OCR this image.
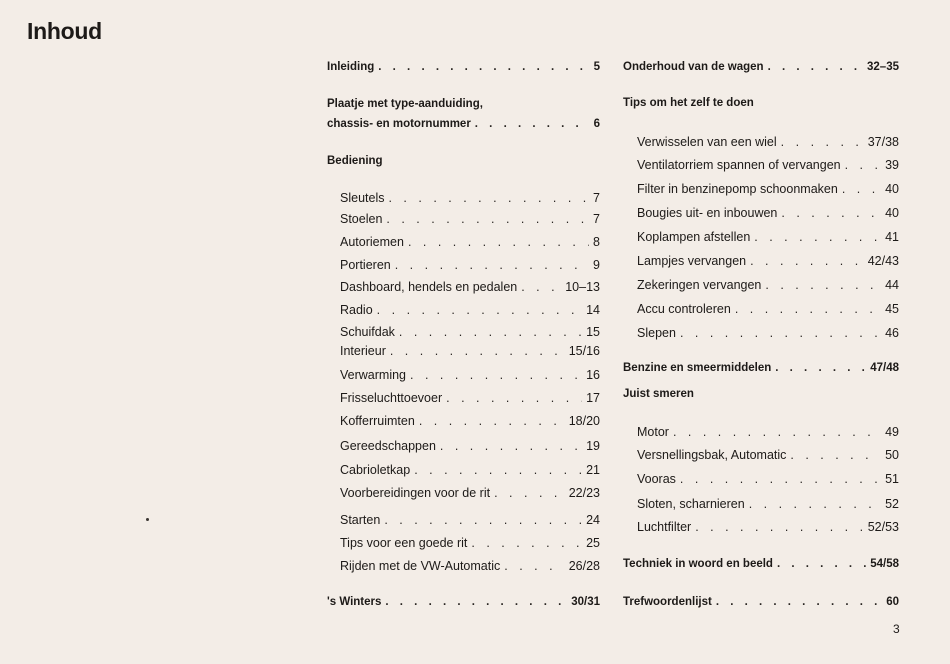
Inhoud
Inleiding . . .	5
Plaatje met type-aanduiding,
chassis- en motornummer . . .	6
Bediening
Sleutels . . .	7
Stoelen . . .	7
Autoriemen . . .	8
Portieren . . .	9
Dashboard, hendels en pedalen . . .	10–13
Radio . . .	14
Schuifdak . . .	15
Interieur . . .	15/16
Verwarming . . .	16
Frisseluchttoevoer . . .	17
Kofferruimten . . .	18/20
Gereedschappen . . .	19
Cabrioletkap . . .	21
Voorbereidingen voor de rit . . .	22/23
Starten . . .	24
Tips voor een goede rit . . .	25
Rijden met de VW-Automatic . . .	26/28
's Winters . . .	30/31
Onderhoud van de wagen . . .	32–35
Tips om het zelf te doen
Verwisselen van een wiel . . .	37/38
Ventilatorriem spannen of vervangen . . .	39
Filter in benzinepomp schoonmaken . . .	40
Bougies uit- en inbouwen . . .	40
Koplampen afstellen . . .	41
Lampjes vervangen . . .	42/43
Zekeringen vervangen . . .	44
Accu controleren . . .	45
Slepen . . .	46
Benzine en smeermiddelen . . .	47/48
Juist smeren
Motor . . .	49
Versnellingsbak, Automatic . . .	50
Vooras . . .	51
Sloten, scharnieren . . .	52
Luchtfilter . . .	52/53
Techniek in woord en beeld . . .	54/58
Trefwoordenlijst . . .	60
3
